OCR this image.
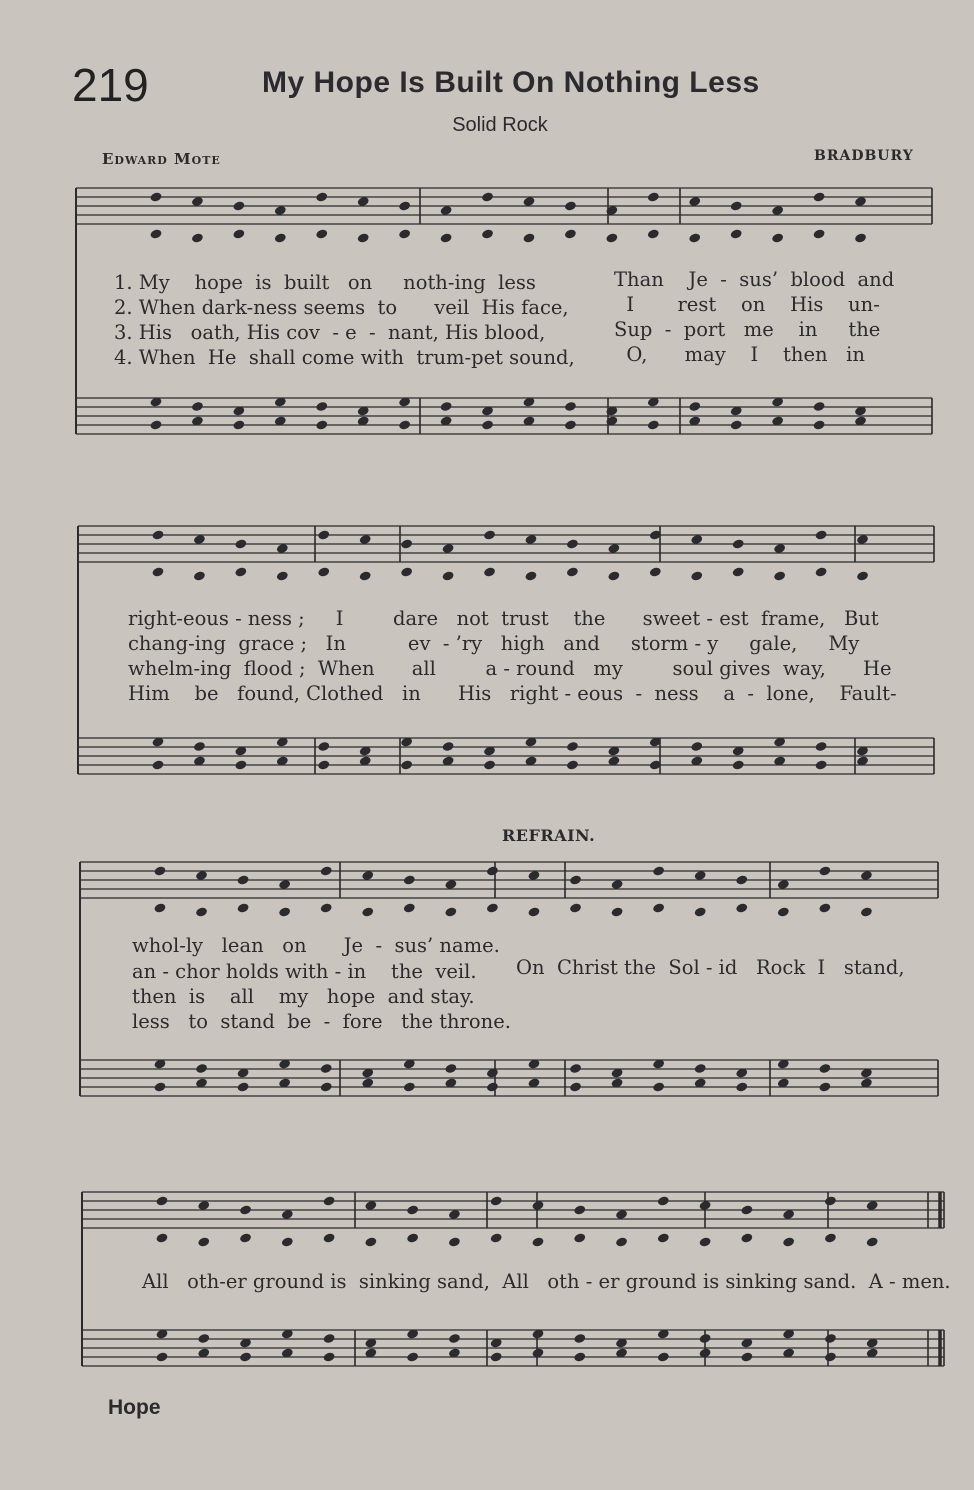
219	My Hope Is Built On Nothing Less
Solid Rock
Edward Mote	BRADBURY
1. My    hope  is  built   on     noth-ing  less
2. When dark-ness seems  to      veil  His face,
3. His   oath, His cov  - e  -  nant, His blood,
4. When  He  shall come with  trum-pet sound,
Than    Je  -  sus’  blood  and
I       rest    on    His    un-
Sup  -  port   me    in     the
O,      may    I    then   in
right-eous - ness ;     I        dare   not  trust    the      sweet - est  frame,   But
chang-ing  grace ;   In          ev  - ’ry   high   and     storm - y     gale,     My
whelm-ing  flood ;  When      all        a - round   my        soul gives  way,      He
Him    be   found, Clothed   in      His   right - eous  -  ness    a  -  lone,    Fault-
REFRAIN.
whol-ly   lean   on      Je  -  sus’ name.
an - chor holds with - in    the  veil.
then  is    all    my   hope  and stay.
less   to  stand  be  -  fore   the throne.
On  Christ the  Sol - id   Rock  I   stand,
All   oth-er ground is  sinking sand,  All   oth - er ground is sinking sand.  A - men.
Hope
